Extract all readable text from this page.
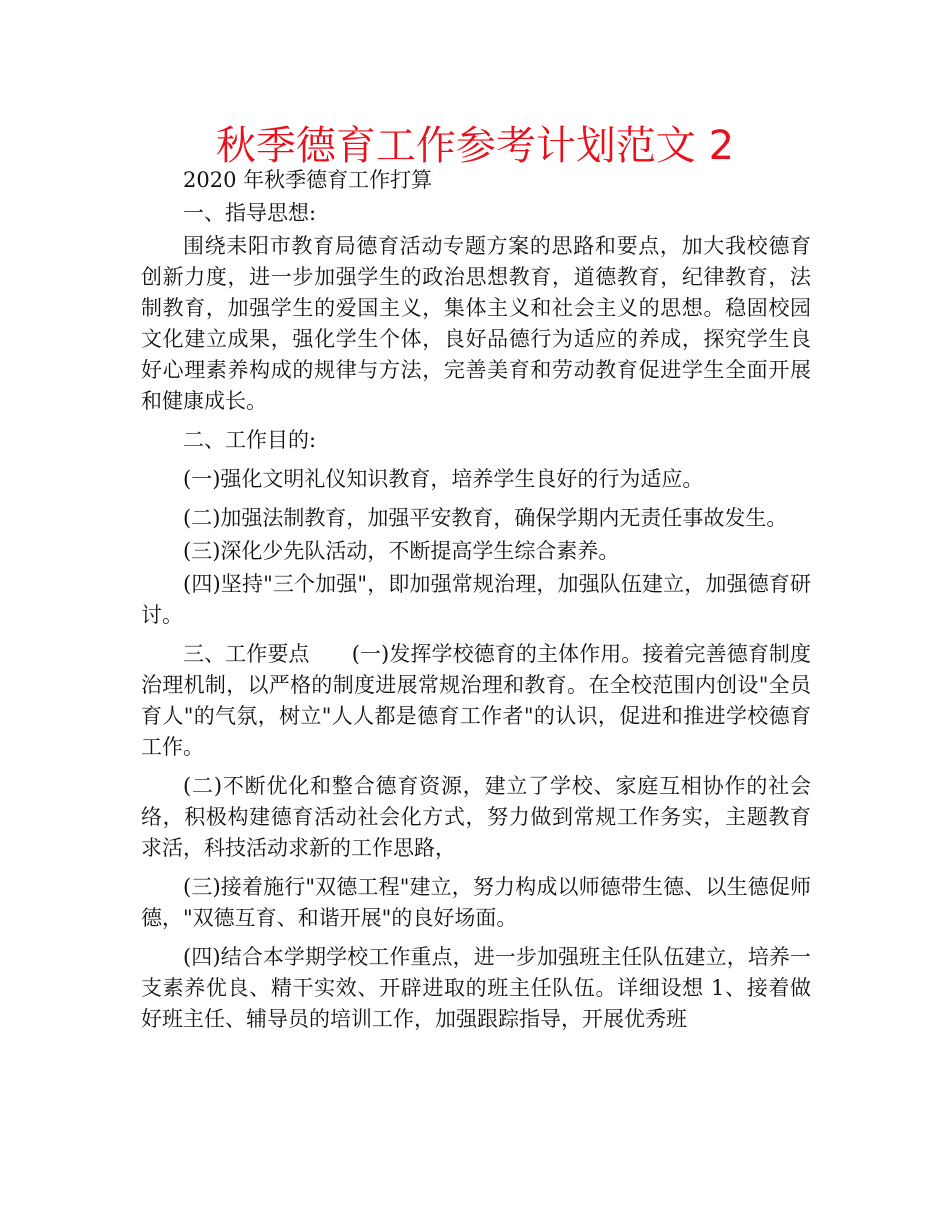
秋季德育工作参考计划范文 2

2020 年秋季德育工作打算

一、指导思想:

围绕耒阳市教育局德育活动专题方案的思路和要点，加大我校德育创新力度，进一步加强学生的政治思想教育，道德教育，纪律教育，法制教育，加强学生的爱国主义，集体主义和社会主义的思想。稳固校园文化建立成果，强化学生个体，良好品德行为适应的养成，探究学生良好心理素养构成的规律与方法，完善美育和劳动教育促进学生全面开展和健康成长。

二、工作目的:

(一)强化文明礼仪知识教育，培养学生良好的行为适应。

(二)加强法制教育，加强平安教育，确保学期内无责任事故发生。

(三)深化少先队活动，不断提高学生综合素养。

(四)坚持"三个加强"，即加强常规治理，加强队伍建立，加强德育研讨。

三、工作要点　　(一)发挥学校德育的主体作用。接着完善德育制度治理机制，以严格的制度进展常规治理和教育。在全校范围内创设"全员育人"的气氛，树立"人人都是德育工作者"的认识，促进和推进学校德育工作。

(二)不断优化和整合德育资源，建立了学校、家庭互相协作的社会络，积极构建德育活动社会化方式，努力做到常规工作务实，主题教育求活，科技活动求新的工作思路，

(三)接着施行"双德工程"建立，努力构成以师德带生德、以生德促师德，"双德互育、和谐开展"的良好场面。

(四)结合本学期学校工作重点，进一步加强班主任队伍建立，培养一支素养优良、精干实效、开辟进取的班主任队伍。详细设想 1、接着做好班主任、辅导员的培训工作，加强跟踪指导，开展优秀班
